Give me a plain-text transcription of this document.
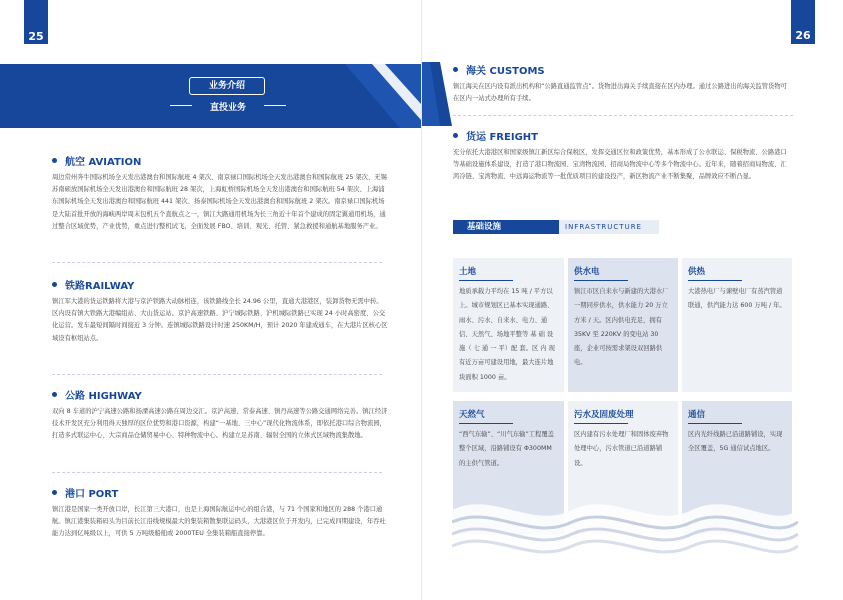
25
业务介绍
直投业务
航空 AVIATION
周边常州奔牛国际机场全天发出港澳台和国际航班 4 架次、南京禄口国际机场全天发出港澳台和国际航班 25 架次、无锡苏南硕放国际机场全天发出港澳台和国际航班 28 架次，上海虹桥国际机场全天发出港澳台和国际航班 54 架次、上海浦东国际机场全天发出港澳台和国际航班 441 架次、扬泰国际机场全天发出港澳台和国际航班 2 架次。南京禄口国际机场是大陆首批开放的海峡两岸周末包机五个直航点之一，镇江大路通用机场为长三角近十年首个建成的固定翼通用机场，通过整合区域优势，产业优势，重点进行整机试飞，全面发展 FBO、培训、观光、托管、紧急救援和通航基地服务产业。
铁路RAILWAY
镇江军大港的货运铁路将大港与京沪铁路大动脉相连，该铁路线全长 24.96 公里，直通大港港区，装卸货物无需中转。区内设有镇大铁路大港编组站、大山货运站。京沪高速铁路、沪宁城际铁路、沪机城际铁路已实现 24 小时高密度、公交化运营。发车最短间隔时间接近 3 分钟。连镇城际铁路设计时速 250KM/H，预计 2020 年建成通车，在大港片区核心区域设有枢纽站点。
公路 HIGHWAY
双向 8 车道的沪宁高速公路和扬溧高速公路在周边交汇。京沪高速、常泰高速、镇丹高速等公路交通网络完善。镇江经济技术开发区充分利用得天独厚的区位优势和港口资源，构建“一基地、三中心”现代化物流体系，即依托港口综合物流园，打造多式联运中心、大宗商品仓储贸易中心、特种物流中心。构建立足苏南、辐射全国的立体式区域物流集散地。
港口 PORT
镇江港是国家一类开放口岸，长江第三大港口，也是上海国际航运中心的组合港，与 71 个国家和地区的 288 个港口通航。镇江港集装箱码头为目前长江沿线规模最大的集装箱散集联运码头，大港港区位于开发内，已完成四期建设，年吞吐能力达到亿吨级以上，可供 5 万吨级船舶或 2000TEU 全集装箱船直接停靠。
26
海关 CUSTOMS
镇江海关在区内设有派出机构和“公路直通监管点”。货物进出海关手续直接在区内办理。通过公路进出的海关监管货物可在区内一站式办理所有手续。
货运 FREIGHT
充分依托大港港区和国家级镇江新区综合保税区，发挥交通区位和政策优势，基本形成了公水联运、保税物流、公路港口等基础设施体系建设，打造了港口物流园、宝湾物流园、招商局物流中心等多个物流中心。近年来，随着招商局物流、汇鸿冷链、宝湾物流、中远海运物流等一批优质项目的建设投产，新区物流产业不断集聚，品牌效应不断凸显。
基础设施	INFRASTRUCTURE
土地
地质承载力平均在 15 吨 / 平方以上。城市规划区已基本实现通路、雨水、污水、自来水、电力、通信、天然气、场地平整等 基 础 设 施（ 七 通 一 平）配 套。区 内 现 有近万亩可建设用地，最大连片地块面积 1000 亩。
供水电
镇江市区自来水与新建的大港水厂一期同步供水，供水能力 20 万立方米 / 天。区内供电充足，拥有 35KV 至 220KV 的变电站 30 座，企业可按需求架设双回路供电。
供热
大港热电厂与谏壁电厂有蒸汽管道联通，供汽能力达 600 万吨 / 年。
天然气
“西气东输”、“川气东输”工程覆盖整个区域，沿路铺设有 Φ300MM 的主供气管道。
污水及固废处理
区内建有污水处理厂和固体废弃物处理中心，污水管道已沿道路铺设。
通信
区内光纤线路已沿道路铺设，实现全区覆盖，5G 通信试点地区。
